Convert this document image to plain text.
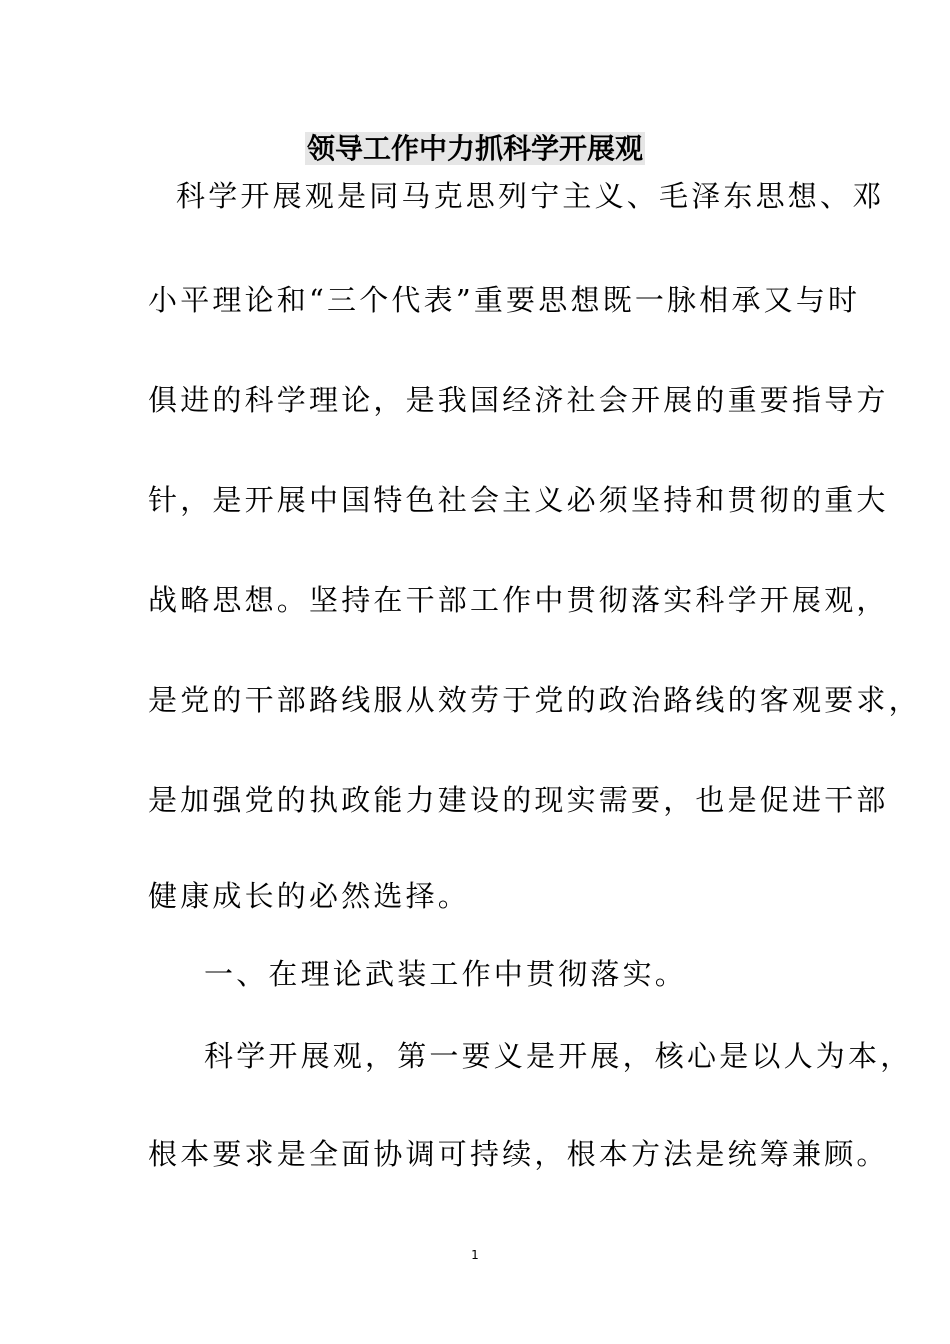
领导工作中力抓科学开展观
科学开展观是同马克思列宁主义、毛泽东思想、邓
小平理论和“三个代表”重要思想既一脉相承又与时
俱进的科学理论，是我国经济社会开展的重要指导方
针，是开展中国特色社会主义必须坚持和贯彻的重大
战略思想。坚持在干部工作中贯彻落实科学开展观，
是党的干部路线服从效劳于党的政治路线的客观要求，
是加强党的执政能力建设的现实需要，也是促进干部
健康成长的必然选择。
一、在理论武装工作中贯彻落实。
科学开展观，第一要义是开展，核心是以人为本，
根本要求是全面协调可持续，根本方法是统筹兼顾。
1
